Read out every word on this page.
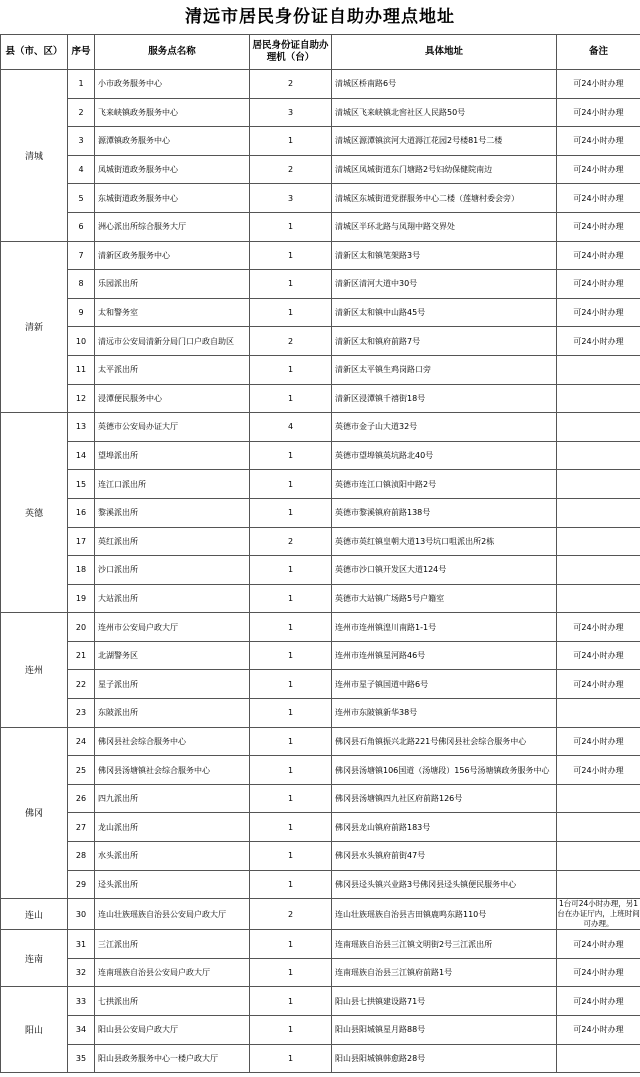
清远市居民身份证自助办理点地址
县（市、区）	序号	服务点名称	居民身份证自助办理机（台）	具体地址	备注
清城	1	小市政务服务中心	2	清城区桥南路6号	可24小时办理
	2	飞来峡镇政务服务中心	3	清城区飞来峡镇北窖社区人民路50号	可24小时办理
	3	源潭镇政务服务中心	1	清城区源潭镇滨河大道溽江花园2号楼81号二楼	可24小时办理
	4	凤城街道政务服务中心	2	清城区凤城街道东门塘路2号妇幼保健院南边	可24小时办理
	5	东城街道政务服务中心	3	清城区东城街道党群服务中心二楼（莲塘村委会旁）	可24小时办理
	6	洲心派出所综合服务大厅	1	清城区半环北路与凤翔中路交界处	可24小时办理
清新	7	清新区政务服务中心	1	清新区太和镇笔架路3号	可24小时办理
	8	乐园派出所	1	清新区清河大道中30号	可24小时办理
	9	太和警务室	1	清新区太和镇中山路45号	可24小时办理
	10	清远市公安局清新分局门口户政自助区	2	清新区太和镇府前路7号	可24小时办理
	11	太平派出所	1	清新区太平镇生鸡岗路口旁	
	12	浸潭便民服务中心	1	清新区浸潭镇千禧街18号	
英德	13	英德市公安局办证大厅	4	英德市金子山大道32号	
	14	望埠派出所	1	英德市望埠镇英坑路北40号	
	15	连江口派出所	1	英德市连江口镇浈阳中路2号	
	16	黎溪派出所	1	英德市黎溪镇府前路138号	
	17	英红派出所	2	英德市英红镇皇朝大道13号坑口咀派出所2栋	
	18	沙口派出所	1	英德市沙口镇开发区大道124号	
	19	大站派出所	1	英德市大站镇广场路5号户籍室	
连州	20	连州市公安局户政大厅	1	连州市连州镇湟川南路1-1号	可24小时办理
	21	北湖警务区	1	连州市连州镇星河路46号	可24小时办理
	22	星子派出所	1	连州市星子镇国道中路6号	可24小时办理
	23	东陂派出所	1	连州市东陂镇新华38号	
佛冈	24	佛冈县社会综合服务中心	1	佛冈县石角镇振兴北路221号佛冈县社会综合服务中心	可24小时办理
	25	佛冈县汤塘镇社会综合服务中心	1	佛冈县汤塘镇106国道（汤塘段）156号汤塘镇政务服务中心	可24小时办理
	26	四九派出所	1	佛冈县汤塘镇四九社区府前路126号	
	27	龙山派出所	1	佛冈县龙山镇府前路183号	
	28	水头派出所	1	佛冈县水头镇府前街47号	
	29	迳头派出所	1	佛冈县迳头镇兴业路3号佛冈县迳头镇便民服务中心	
连山	30	连山壮族瑶族自治县公安局户政大厅	2	连山壮族瑶族自治县吉田镇鹿鸣东路110号	1台可24小时办理，另1台在办证厅内，上班时间可办理。
连南	31	三江派出所	1	连南瑶族自治县三江镇文明街2号三江派出所	可24小时办理
	32	连南瑶族自治县公安局户政大厅	1	连南瑶族自治县三江镇府前路1号	可24小时办理
阳山	33	七拱派出所	1	阳山县七拱镇建设路71号	可24小时办理
	34	阳山县公安局户政大厅	1	阳山县阳城镇星月路88号	可24小时办理
	35	阳山县政务服务中心一楼户政大厅	1	阳山县阳城镇韩愈路28号	
